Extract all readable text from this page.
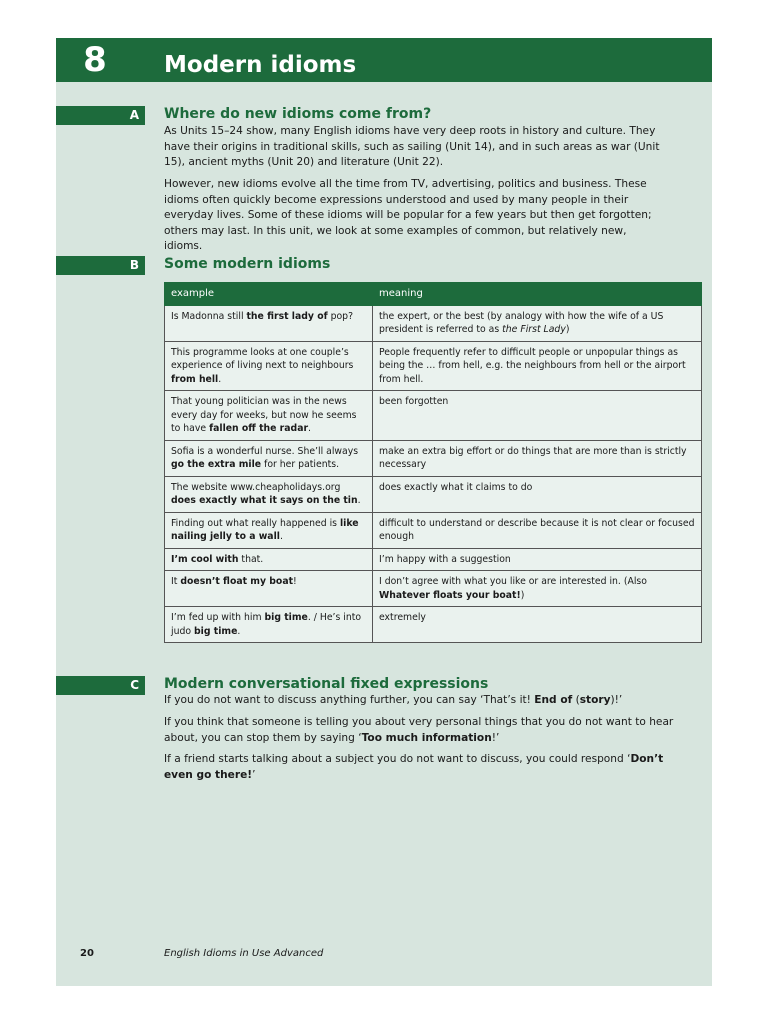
8	Modern idioms
A Where do new idioms come from?
As Units 15–24 show, many English idioms have very deep roots in history and culture. They have their origins in traditional skills, such as sailing (Unit 14), and in such areas as war (Unit 15), ancient myths (Unit 20) and literature (Unit 22).
However, new idioms evolve all the time from TV, advertising, politics and business. These idioms often quickly become expressions understood and used by many people in their everyday lives. Some of these idioms will be popular for a few years but then get forgotten; others may last. In this unit, we look at some examples of common, but relatively new, idioms.
B Some modern idioms
example	meaning
Is Madonna still the first lady of pop?	the expert, or the best (by analogy with how the wife of a US president is referred to as the First Lady)
This programme looks at one couple’s experience of living next to neighbours from hell.	People frequently refer to difficult people or unpopular things as being the … from hell, e.g. the neighbours from hell or the airport from hell.
That young politician was in the news every day for weeks, but now he seems to have fallen off the radar.	been forgotten
Sofia is a wonderful nurse. She’ll always go the extra mile for her patients.	make an extra big effort or do things that are more than is strictly necessary
The website www.cheapholidays.org does exactly what it says on the tin.	does exactly what it claims to do
Finding out what really happened is like nailing jelly to a wall.	difficult to understand or describe because it is not clear or focused enough
I’m cool with that.	I’m happy with a suggestion
It doesn’t float my boat!	I don’t agree with what you like or are interested in. (Also Whatever floats your boat!)
I’m fed up with him big time. / He’s into judo big time.	extremely
C Modern conversational fixed expressions
If you do not want to discuss anything further, you can say ‘That’s it! End of (story)!’
If you think that someone is telling you about very personal things that you do not want to hear about, you can stop them by saying ‘Too much information!’
If a friend starts talking about a subject you do not want to discuss, you could respond ‘Don’t even go there!’
20	English Idioms in Use Advanced
